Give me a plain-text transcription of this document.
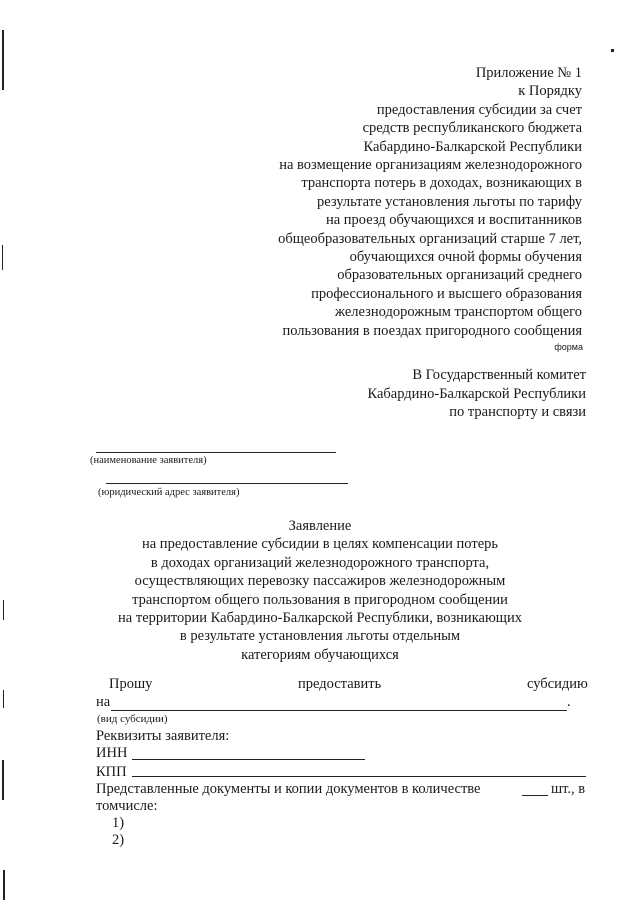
Приложение № 1
к Порядку
предоставления субсидии за счет
средств республиканского бюджета
Кабардино-Балкарской Республики
на возмещение организациям железнодорожного
транспорта потерь в доходах, возникающих в
результате установления льготы по тарифу
на проезд обучающихся и воспитанников
общеобразовательных организаций старше 7 лет,
обучающихся очной формы обучения
образовательных организаций среднего
профессионального и высшего образования
железнодорожным транспортом общего
пользования в поездах пригородного сообщения
форма
В Государственный комитет
Кабардино-Балкарской Республики
по транспорту и связи
(наименование заявителя)
(юридический адрес заявителя)
Заявление
на предоставление субсидии в целях компенсации потерь
в доходах организаций железнодорожного транспорта,
осуществляющих перевозку пассажиров железнодорожным
транспортом общего пользования в пригородном сообщении
на территории Кабардино-Балкарской Республики, возникающих
в результате установления льготы отдельным
категориям обучающихся
Прошу	предоставить	субсидию
на	.
(вид субсидии)
Реквизиты заявителя:
ИНН
КПП
Представленные документы и копии документов в количестве	шт., в
томчисле:
1)
2)
